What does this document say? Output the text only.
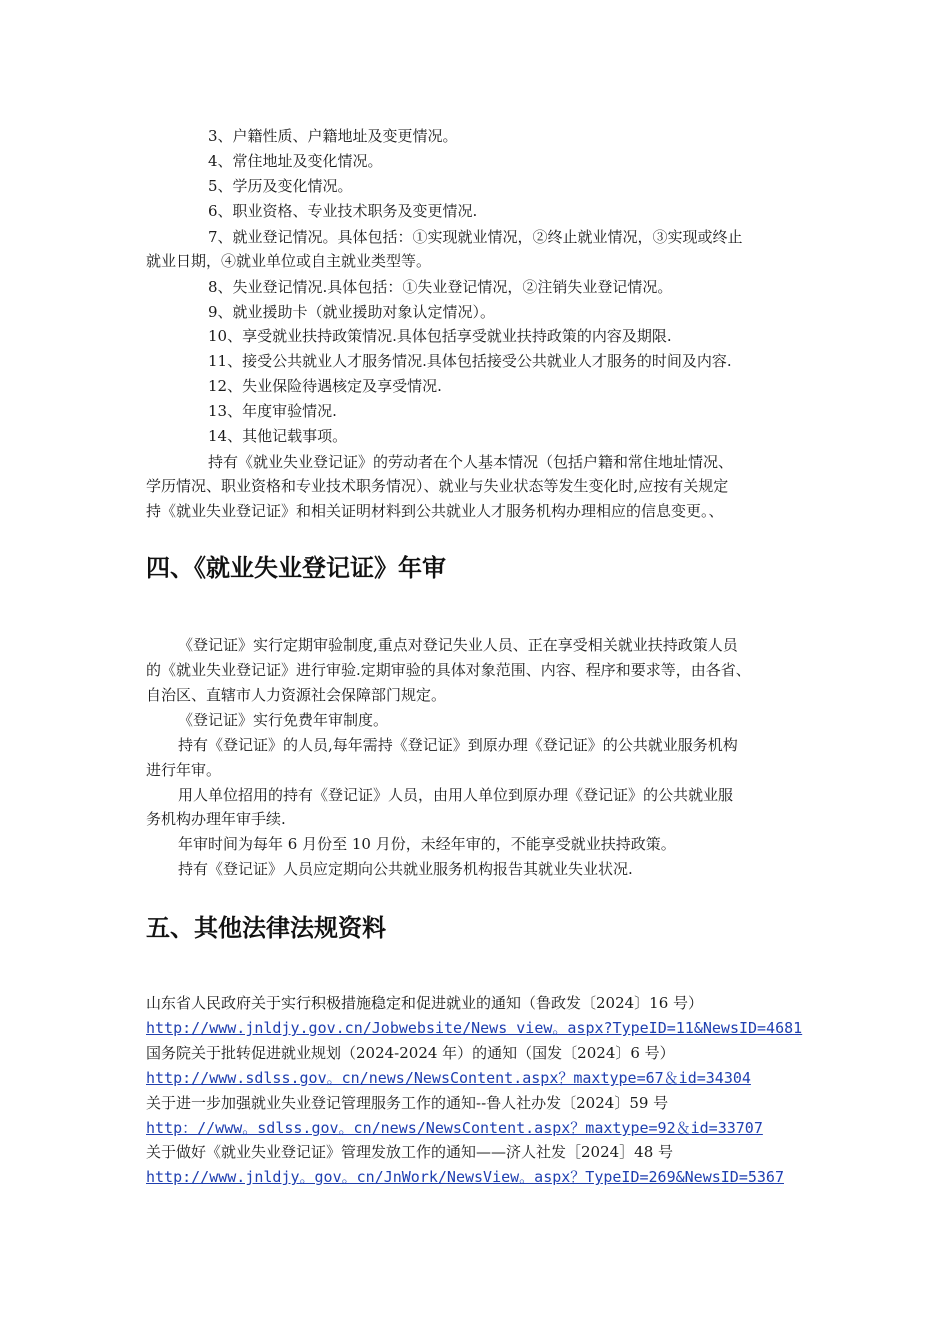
3、户籍性质、户籍地址及变更情况。

4、常住地址及变化情况。

5、学历及变化情况。

6、职业资格、专业技术职务及变更情况.

7、就业登记情况。具体包括：①实现就业情况，②终止就业情况，③实现或终止

就业日期，④就业单位或自主就业类型等。

8、失业登记情况.具体包括：①失业登记情况，②注销失业登记情况。

9、就业援助卡（就业援助对象认定情况）。

10、享受就业扶持政策情况.具体包括享受就业扶持政策的内容及期限.

11、接受公共就业人才服务情况.具体包括接受公共就业人才服务的时间及内容.

12、失业保险待遇核定及享受情况.

13、年度审验情况.

14、其他记载事项。

持有《就业失业登记证》的劳动者在个人基本情况（包括户籍和常住地址情况、

学历情况、职业资格和专业技术职务情况）、就业与失业状态等发生变化时,应按有关规定

持《就业失业登记证》和相关证明材料到公共就业人才服务机构办理相应的信息变更。、

四、《就业失业登记证》年审

《登记证》实行定期审验制度,重点对登记失业人员、正在享受相关就业扶持政策人员

的《就业失业登记证》进行审验.定期审验的具体对象范围、内容、程序和要求等，由各省、

自治区、直辖市人力资源社会保障部门规定。

《登记证》实行免费年审制度。

持有《登记证》的人员,每年需持《登记证》到原办理《登记证》的公共就业服务机构

进行年审。

用人单位招用的持有《登记证》人员，由用人单位到原办理《登记证》的公共就业服

务机构办理年审手续.

年审时间为每年 6 月份至 10 月份，未经年审的，不能享受就业扶持政策。

持有《登记证》人员应定期向公共就业服务机构报告其就业失业状况.

五、其他法律法规资料

山东省人民政府关于实行积极措施稳定和促进就业的通知（鲁政发〔2024〕16 号）

http://www.jnldjy.gov.cn/Jobwebsite/News view。aspx?TypeID=11&NewsID=4681

国务院关于批转促进就业规划（2024-2024 年）的通知（国发〔2024〕6 号）

http://www.sdlss.gov。cn/news/NewsContent.aspx？maxtype=67＆id=34304

关于进一步加强就业失业登记管理服务工作的通知--鲁人社办发〔2024〕59 号

http：//www。sdlss.gov。cn/news/NewsContent.aspx？maxtype=92＆id=33707

关于做好《就业失业登记证》管理发放工作的通知——济人社发［2024］48 号

http://www.jnldjy。gov。cn/JnWork/NewsView。aspx？TypeID=269&NewsID=5367
